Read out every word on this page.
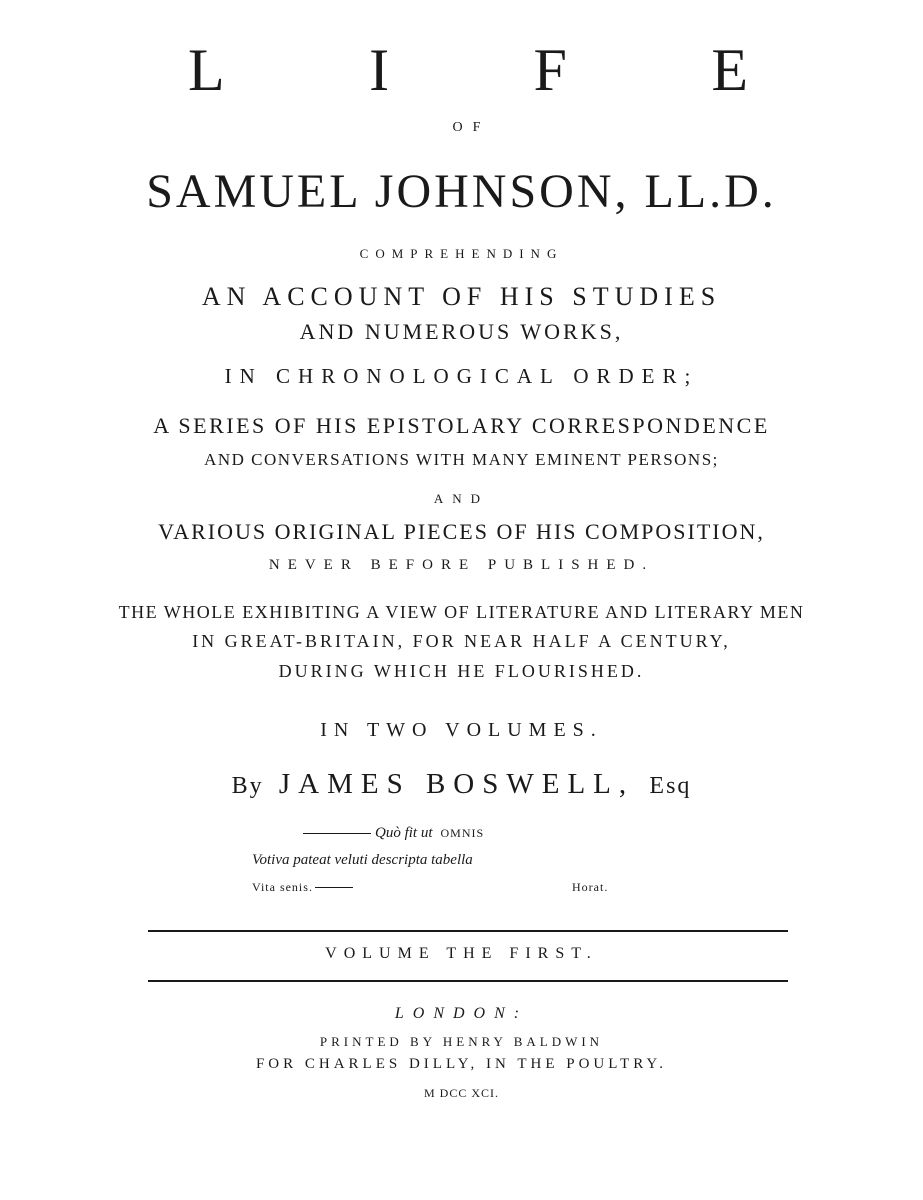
L I F E
OF
SAMUEL JOHNSON, LL.D.
COMPREHENDING
AN ACCOUNT OF HIS STUDIES
AND NUMEROUS WORKS,
IN CHRONOLOGICAL ORDER;
A SERIES OF HIS EPISTOLARY CORRESPONDENCE
AND CONVERSATIONS WITH MANY EMINENT PERSONS;
AND
VARIOUS ORIGINAL PIECES OF HIS COMPOSITION,
NEVER BEFORE PUBLISHED.
THE WHOLE EXHIBITING A VIEW OF LITERATURE AND LITERARY MEN
IN GREAT-BRITAIN, FOR NEAR HALF A CENTURY,
DURING WHICH HE FLOURISHED.
IN TWO VOLUMES.
By JAMES BOSWELL, Esq
Quò fit ut OMNIS
Votiva pateat veluti descripta tabella
Vita senis.	Horat.
VOLUME THE FIRST.
LONDON:
PRINTED BY HENRY BALDWIN
FOR CHARLES DILLY, IN THE POULTRY.
M DCC XCI.
